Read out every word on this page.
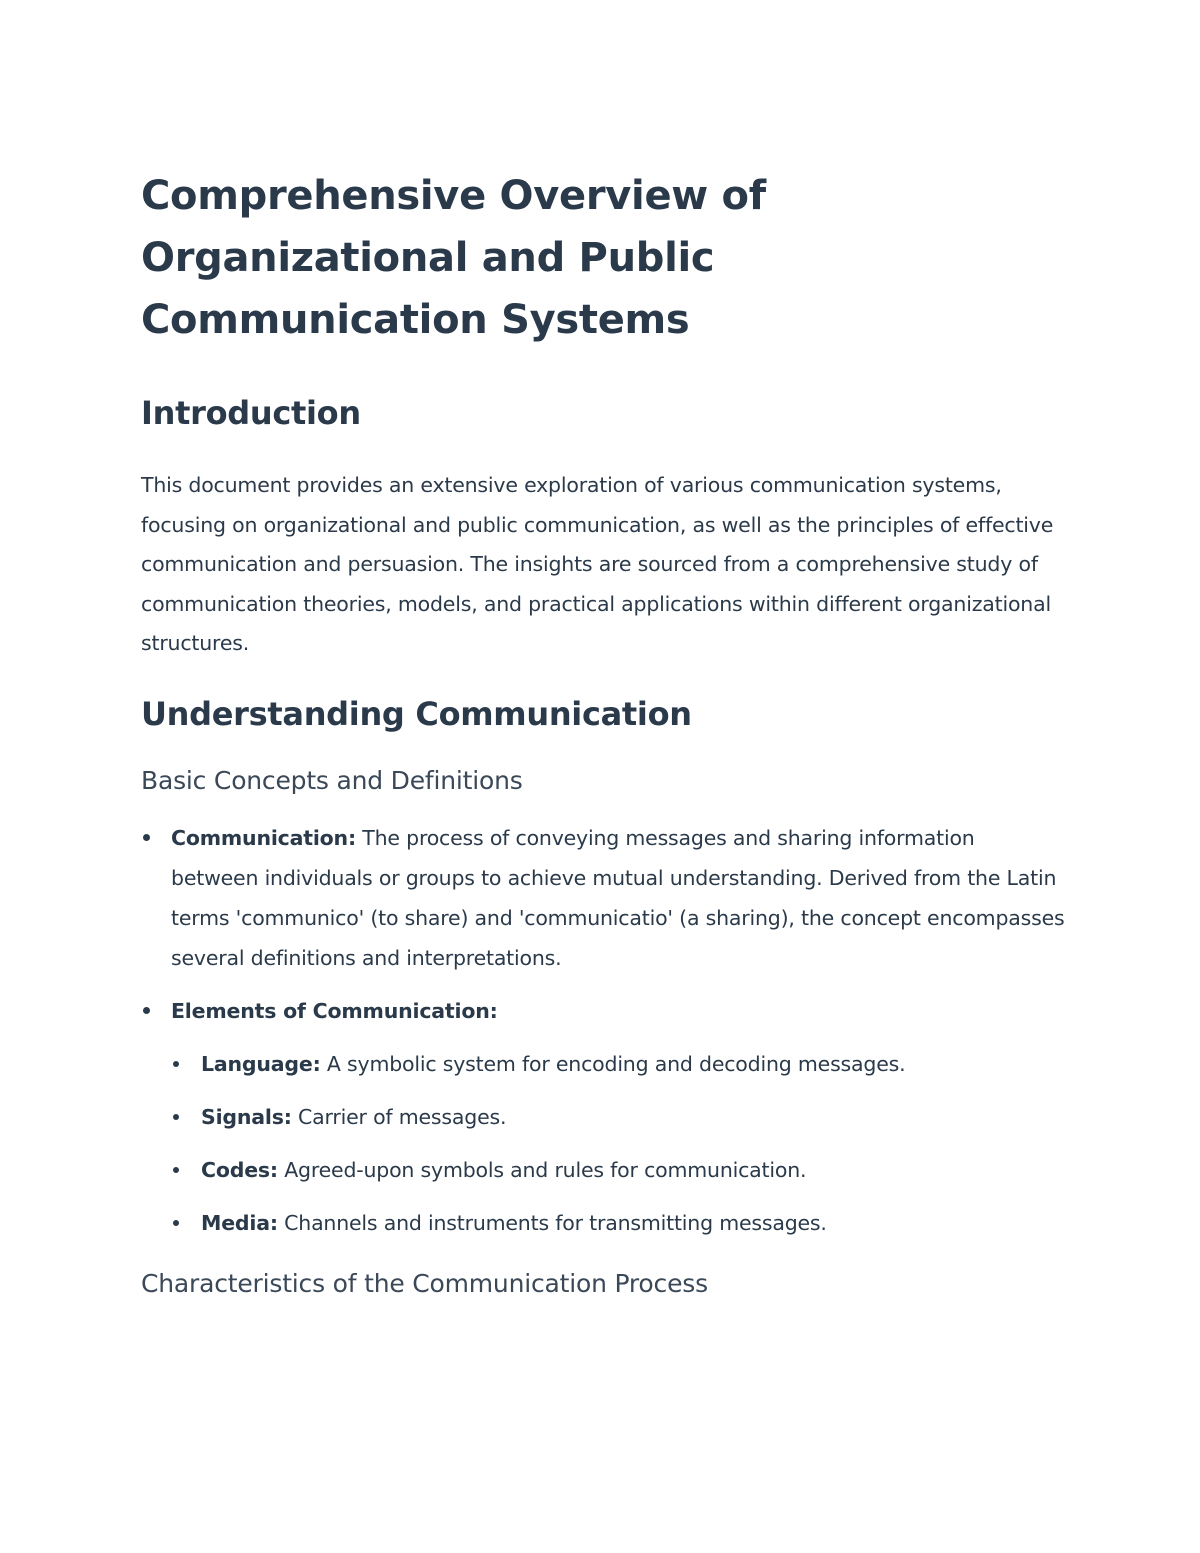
Comprehensive Overview of Organizational and Public Communication Systems
Introduction

This document provides an extensive exploration of various communication systems, focusing on organizational and public communication, as well as the principles of effective communication and persuasion. The insights are sourced from a comprehensive study of communication theories, models, and practical applications within different organizational structures.

Understanding Communication
Basic Concepts and Definitions
Communication: The process of conveying messages and sharing information between individuals or groups to achieve mutual understanding. Derived from the Latin terms 'communico' (to share) and 'communicatio' (a sharing), the concept encompasses several definitions and interpretations.
Elements of Communication:
Language: A symbolic system for encoding and decoding messages.
Signals: Carrier of messages.
Codes: Agreed-upon symbols and rules for communication.
Media: Channels and instruments for transmitting messages.
Characteristics of the Communication Process
